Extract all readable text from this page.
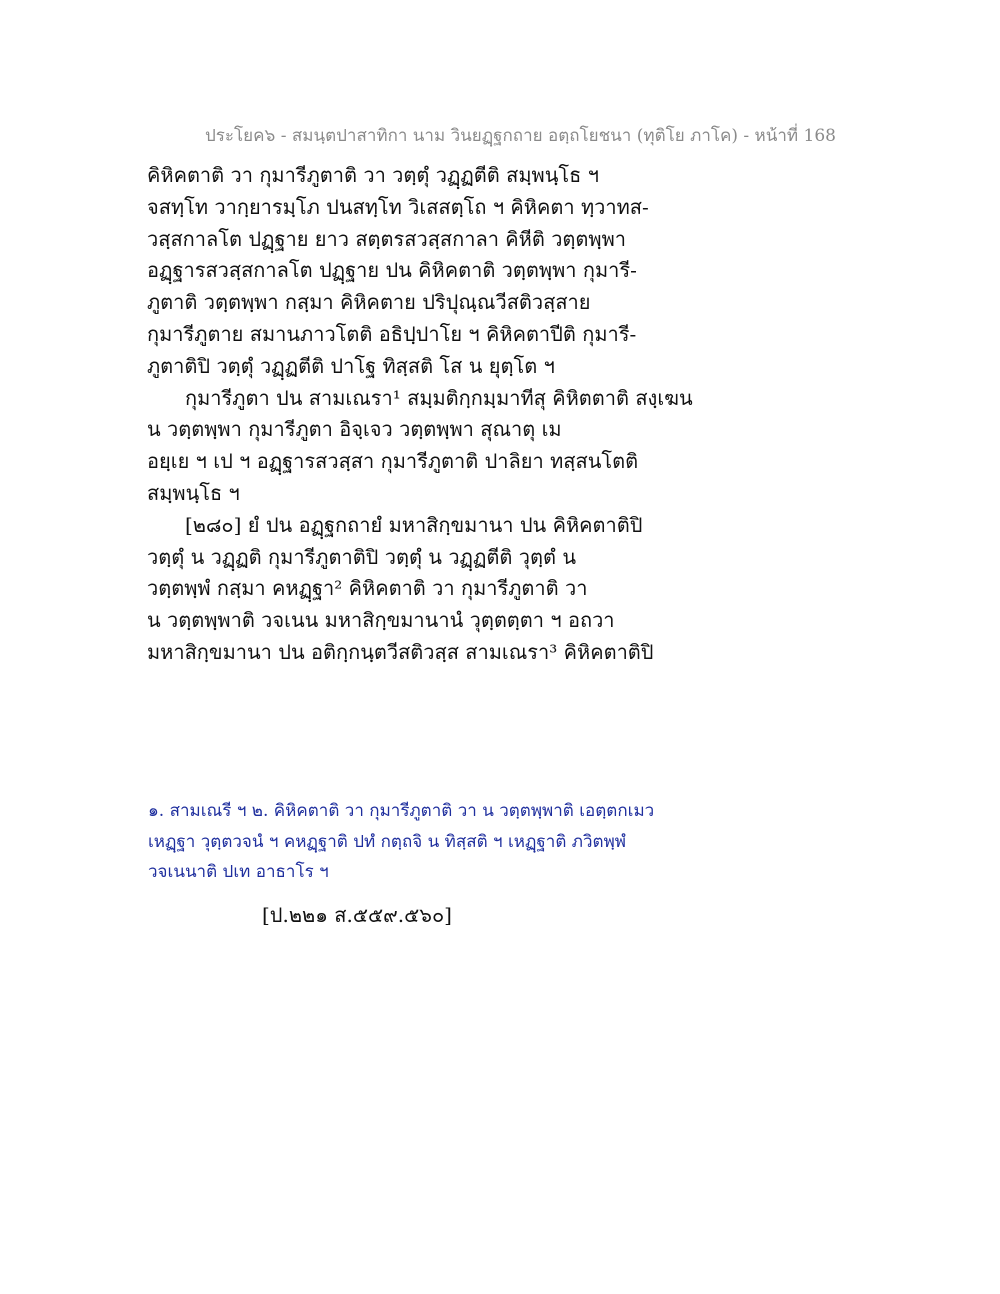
ประโยค๖ - สมนฺตปาสาทิกา นาม วินยฏฺฐกถาย อตฺถโยชนา (ทุติโย ภาโค) - หน้าที่ 168
คิหิคตาติ วา กุมารีภูตาติ วา วตฺตุํ วฏฺฏตีติ สมฺพนฺโธ ฯ
จสทฺโท วากฺยารมฺโภ ปนสทฺโท วิเสสตฺโถ ฯ คิหิคตา ทฺวาทส-
วสฺสกาลโต ปฏฺฐาย ยาว สตฺตรสวสฺสกาลา คิหีติ วตฺตพฺพา
อฏฺฐารสวสฺสกาลโต ปฏฺฐาย ปน คิหิคตาติ วตฺตพฺพา กุมารี-
ภูตาติ วตฺตพฺพา กสฺมา คิหิคตาย ปริปุณฺณวีสติวสฺสาย
กุมารีภูตาย สมานภาวโตติ อธิปฺปาโย ฯ คิหิคตาปีติ กุมารี-
ภูตาติปิ วตฺตุํ วฏฺฏตีติ ปาโฐ ทิสฺสติ โส น ยุตฺโต ฯ
กุมารีภูตา ปน สามเณรา¹ สมฺมติกฺกมฺมาทีสุ คิหิตตาติ สงฺเฆน
น วตฺตพฺพา กุมารีภูตา อิจฺเจว วตฺตพฺพา สุณาตุ เม
อยฺเย ฯ เป ฯ อฏฺฐารสวสฺสา กุมารีภูตาติ ปาลิยา ทสฺสนโตติ
สมฺพนฺโธ ฯ
[๒๘๐] ยํ ปน อฏฺฐกถายํ มหาสิกฺขมานา ปน คิหิคตาติปิ
วตฺตุํ น วฏฺฏติ กุมารีภูตาติปิ วตฺตุํ น วฏฺฏตีติ วุตฺตํ น
วตฺตพฺพํ กสฺมา คหฏฺฐา² คิหิคตาติ วา กุมารีภูตาติ วา
น วตฺตพฺพาติ วจเนน มหาสิกฺขมานานํ วุตฺตตฺตา ฯ อถวา
มหาสิกฺขมานา ปน อติกฺกนฺตวีสติวสฺส สามเณรา³ คิหิคตาติปิ
๑. สามเณรี ฯ ๒. คิหิคตาติ วา กุมารีภูตาติ วา น วตฺตพฺพาติ เอตฺตกเมว
เหฏฺฐา วุตฺตวจนํ ฯ คหฏฺฐาติ ปทํ กตฺถจิ น ทิสฺสติ ฯ เหฏฺฐาติ ภวิตพฺพํ
วจเนนาติ ปเท อาธาโร ฯ
[ป.๒๒๑ ส.๕๕๙.๕๖๐]
